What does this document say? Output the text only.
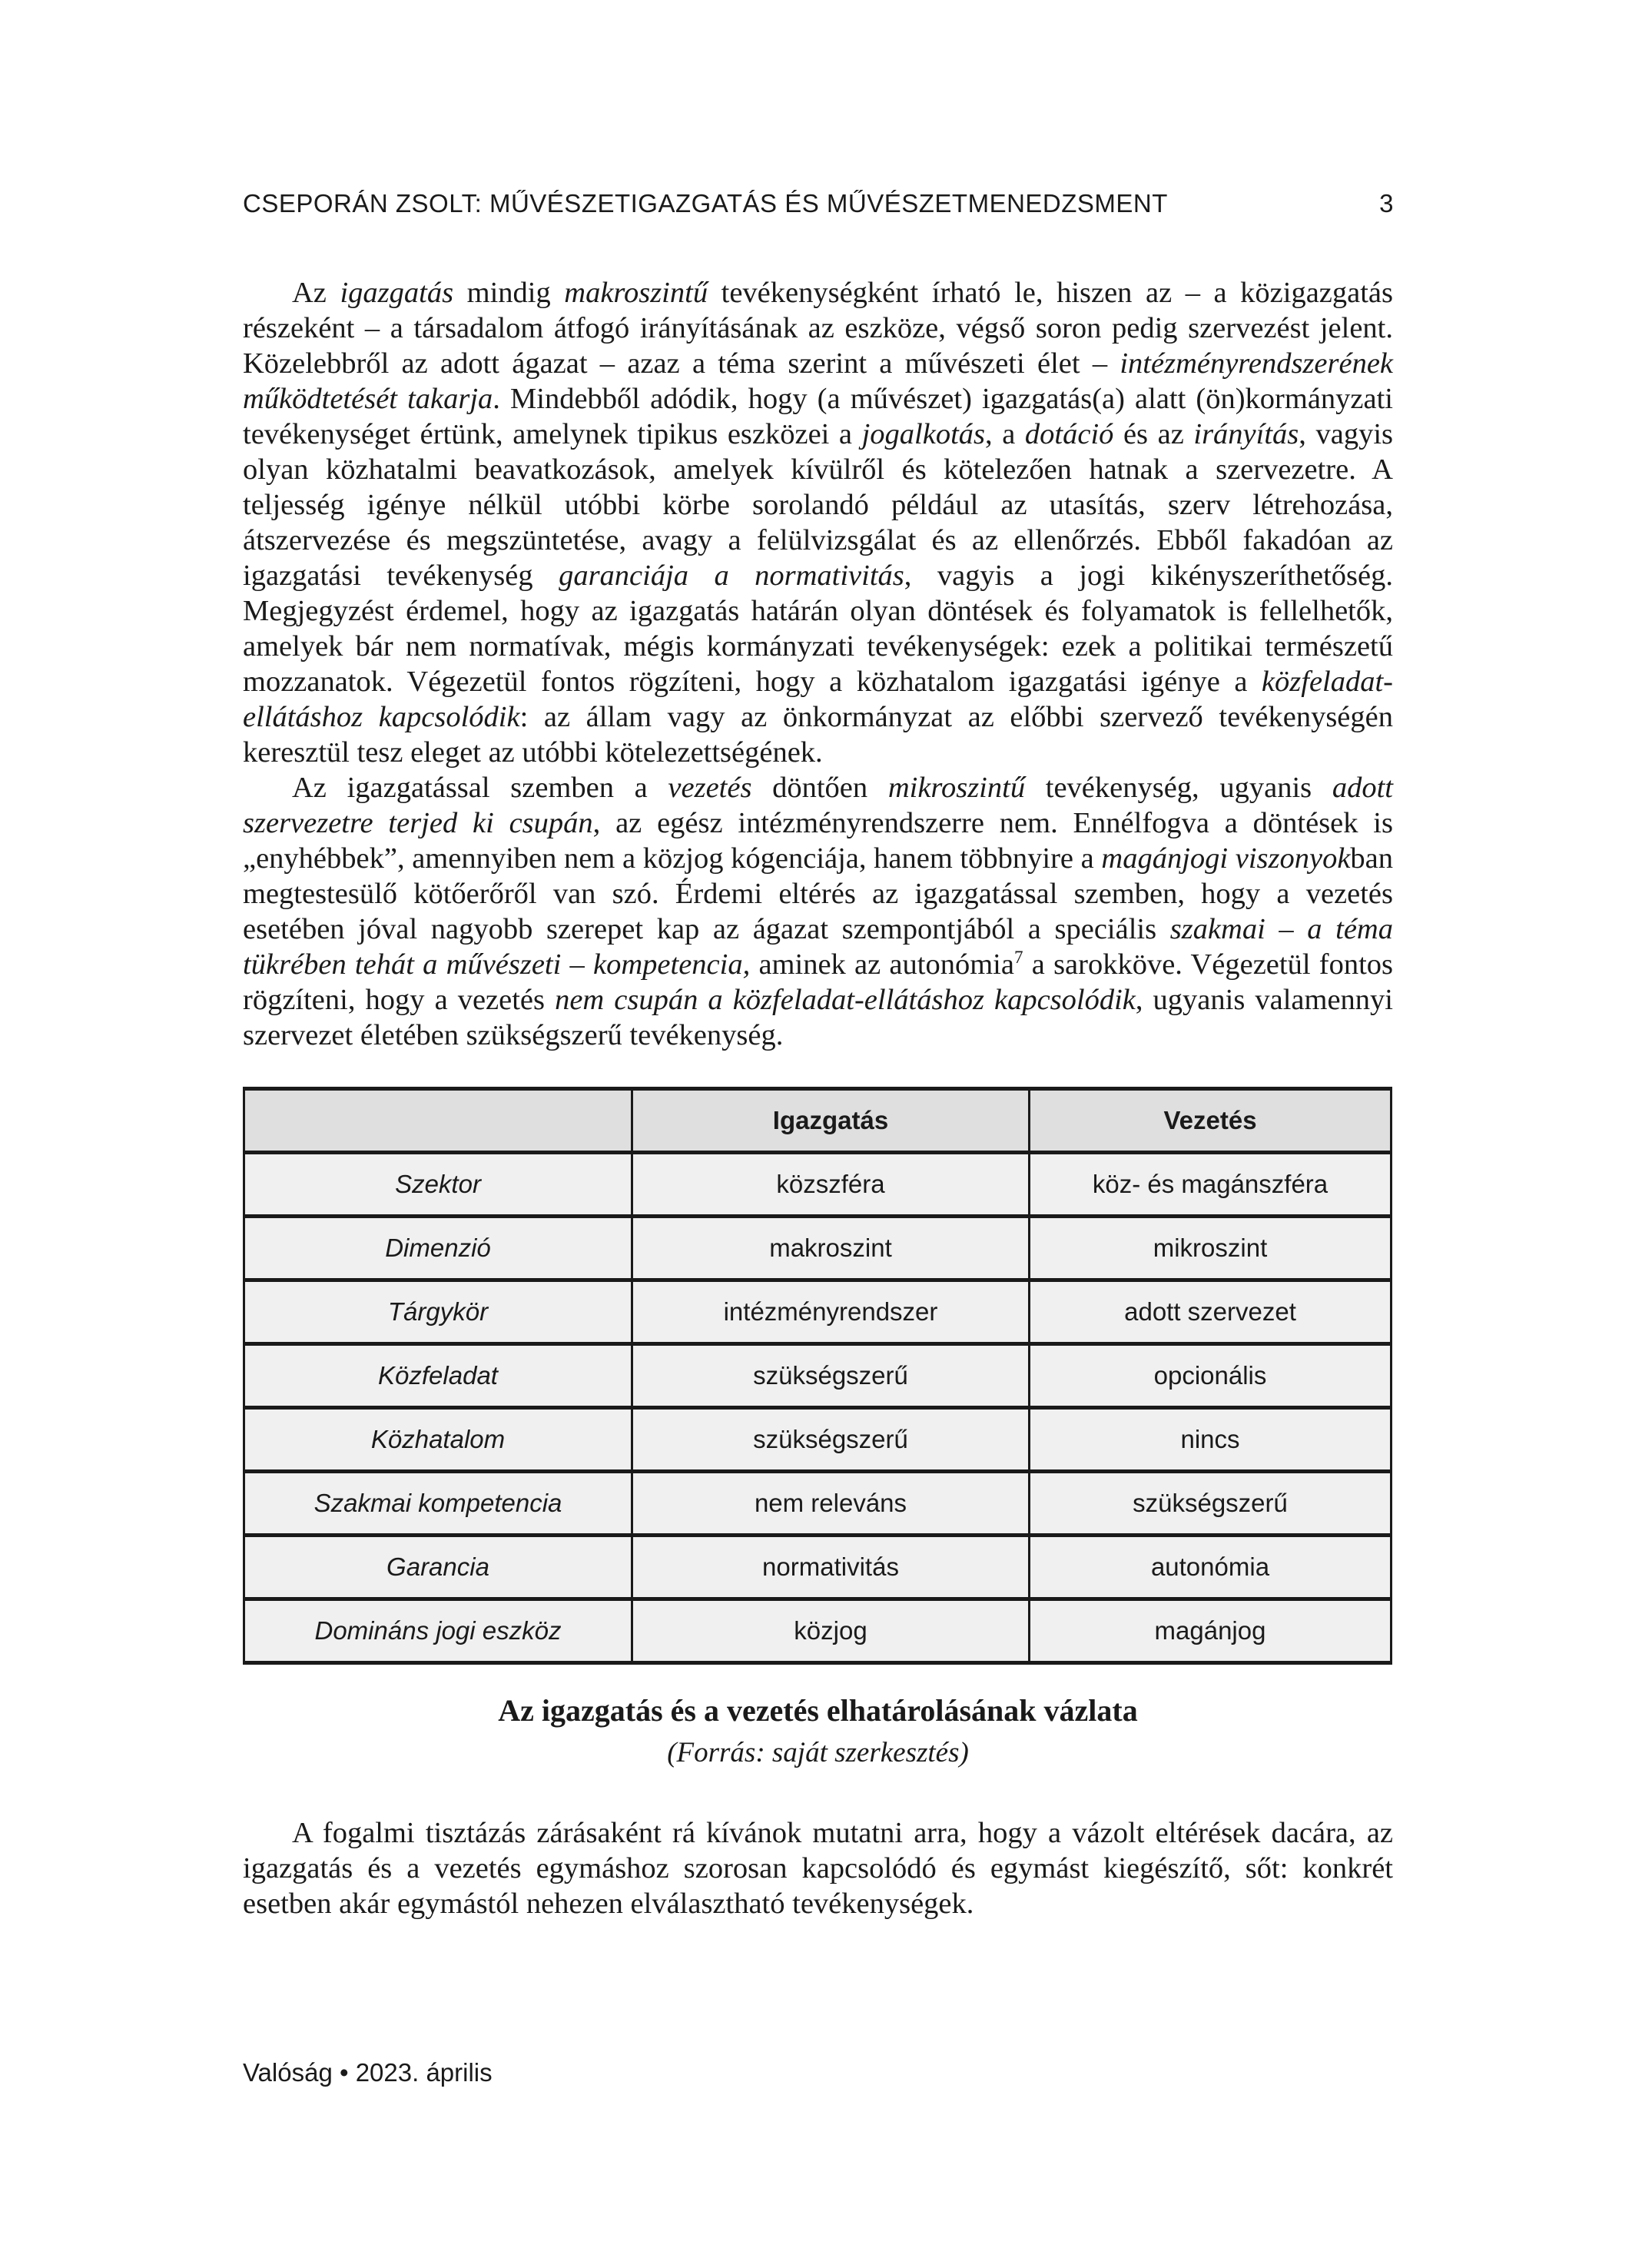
CSEPORÁN ZSOLT: MŰVÉSZETIGAZGATÁS ÉS MŰVÉSZETMENEDZSMENT	3

Az igazgatás mindig makroszintű tevékenységként írható le, hiszen az – a közigazgatás részeként – a társadalom átfogó irányításának az eszköze, végső soron pedig szervezést jelent. Közelebbről az adott ágazat – azaz a téma szerint a művészeti élet – intézményrendszerének működtetését takarja. Mindebből adódik, hogy (a művészet) igazgatás(a) alatt (ön)kormányzati tevékenységet értünk, amelynek tipikus eszközei a jogalkotás, a dotáció és az irányítás, vagyis olyan közhatalmi beavatkozások, amelyek kívülről és kötelezően hatnak a szervezetre. A teljesség igénye nélkül utóbbi körbe sorolandó például az utasítás, szerv létrehozása, átszervezése és megszüntetése, avagy a felülvizsgálat és az ellenőrzés. Ebből fakadóan az igazgatási tevékenység garanciája a normativitás, vagyis a jogi kikényszeríthetőség. Megjegyzést érdemel, hogy az igazgatás határán olyan döntések és folyamatok is fellelhetők, amelyek bár nem normatívak, mégis kormányzati tevékenységek: ezek a politikai természetű mozzanatok. Végezetül fontos rögzíteni, hogy a közhatalom igazgatási igénye a közfeladat-ellátáshoz kapcsolódik: az állam vagy az önkormányzat az előbbi szervező tevékenységén keresztül tesz eleget az utóbbi kötelezettségének.

Az igazgatással szemben a vezetés döntően mikroszintű tevékenység, ugyanis adott szervezetre terjed ki csupán, az egész intézményrendszerre nem. Ennélfogva a döntések is „enyhébbek”, amennyiben nem a közjog kógenciája, hanem többnyire a magánjogi viszonyokban megtestesülő kötőerőről van szó. Érdemi eltérés az igazgatással szemben, hogy a vezetés esetében jóval nagyobb szerepet kap az ágazat szempontjából a speciális szakmai – a téma tükrében tehát a művészeti – kompetencia, aminek az autonómia$^7$ a sarokköve. Végezetül fontos rögzíteni, hogy a vezetés nem csupán a közfeladat-ellátáshoz kapcsolódik, ugyanis valamennyi szervezet életében szükségszerű tevékenység.

	Igazgatás	Vezetés
Szektor	közszféra	köz- és magánszféra
Dimenzió	makroszint	mikroszint
Tárgykör	intézményrendszer	adott szervezet
Közfeladat	szükségszerű	opcionális
Közhatalom	szükségszerű	nincs
Szakmai kompetencia	nem releváns	szükségszerű
Garancia	normativitás	autonómia
Domináns jogi eszköz	közjog	magánjog
Az igazgatás és a vezetés elhatárolásának vázlata
(Forrás: saját szerkesztés)

A fogalmi tisztázás zárásaként rá kívánok mutatni arra, hogy a vázolt eltérések dacára, az igazgatás és a vezetés egymáshoz szorosan kapcsolódó és egymást kiegészítő, sőt: konkrét esetben akár egymástól nehezen elválasztható tevékenységek.

Valóság • 2023. április
